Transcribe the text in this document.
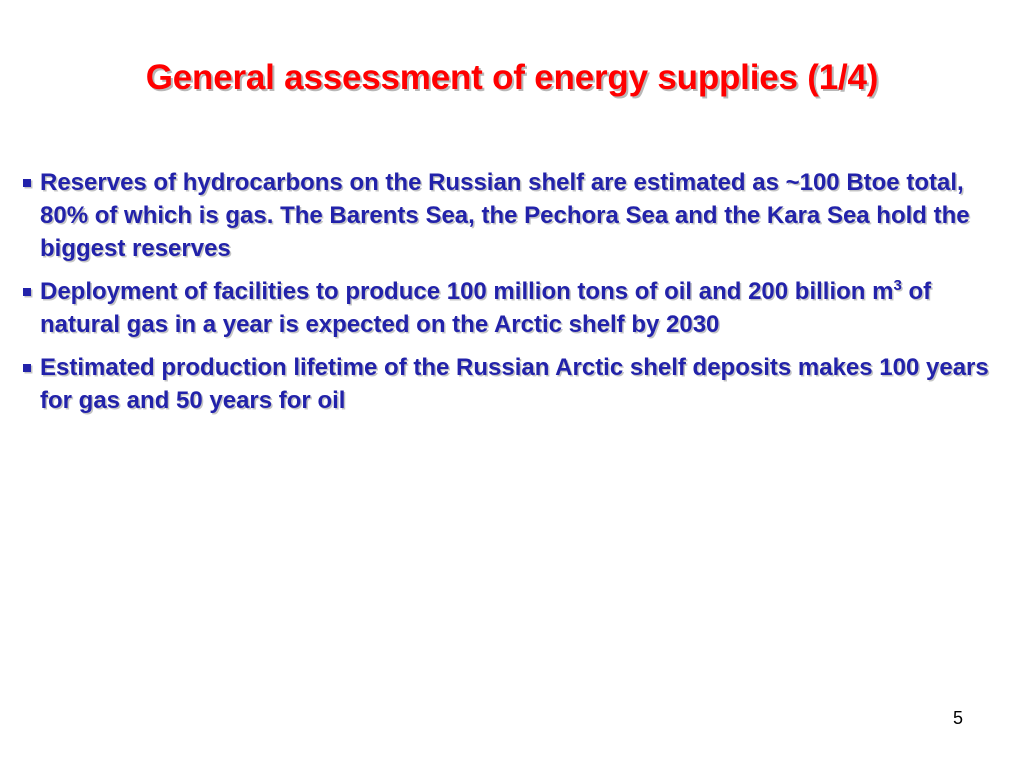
General assessment of energy supplies (1/4)
Reserves of hydrocarbons on the Russian shelf are estimated as ~100 Btoe total, 80% of which is gas. The Barents Sea, the Pechora Sea and the Kara Sea hold the biggest reserves
Deployment of facilities to produce 100 million tons of oil and 200 billion $m^3$ of natural gas in a year is expected on the Arctic shelf by 2030
Estimated production lifetime of the Russian Arctic shelf deposits makes 100 years for gas and 50 years for oil
5
